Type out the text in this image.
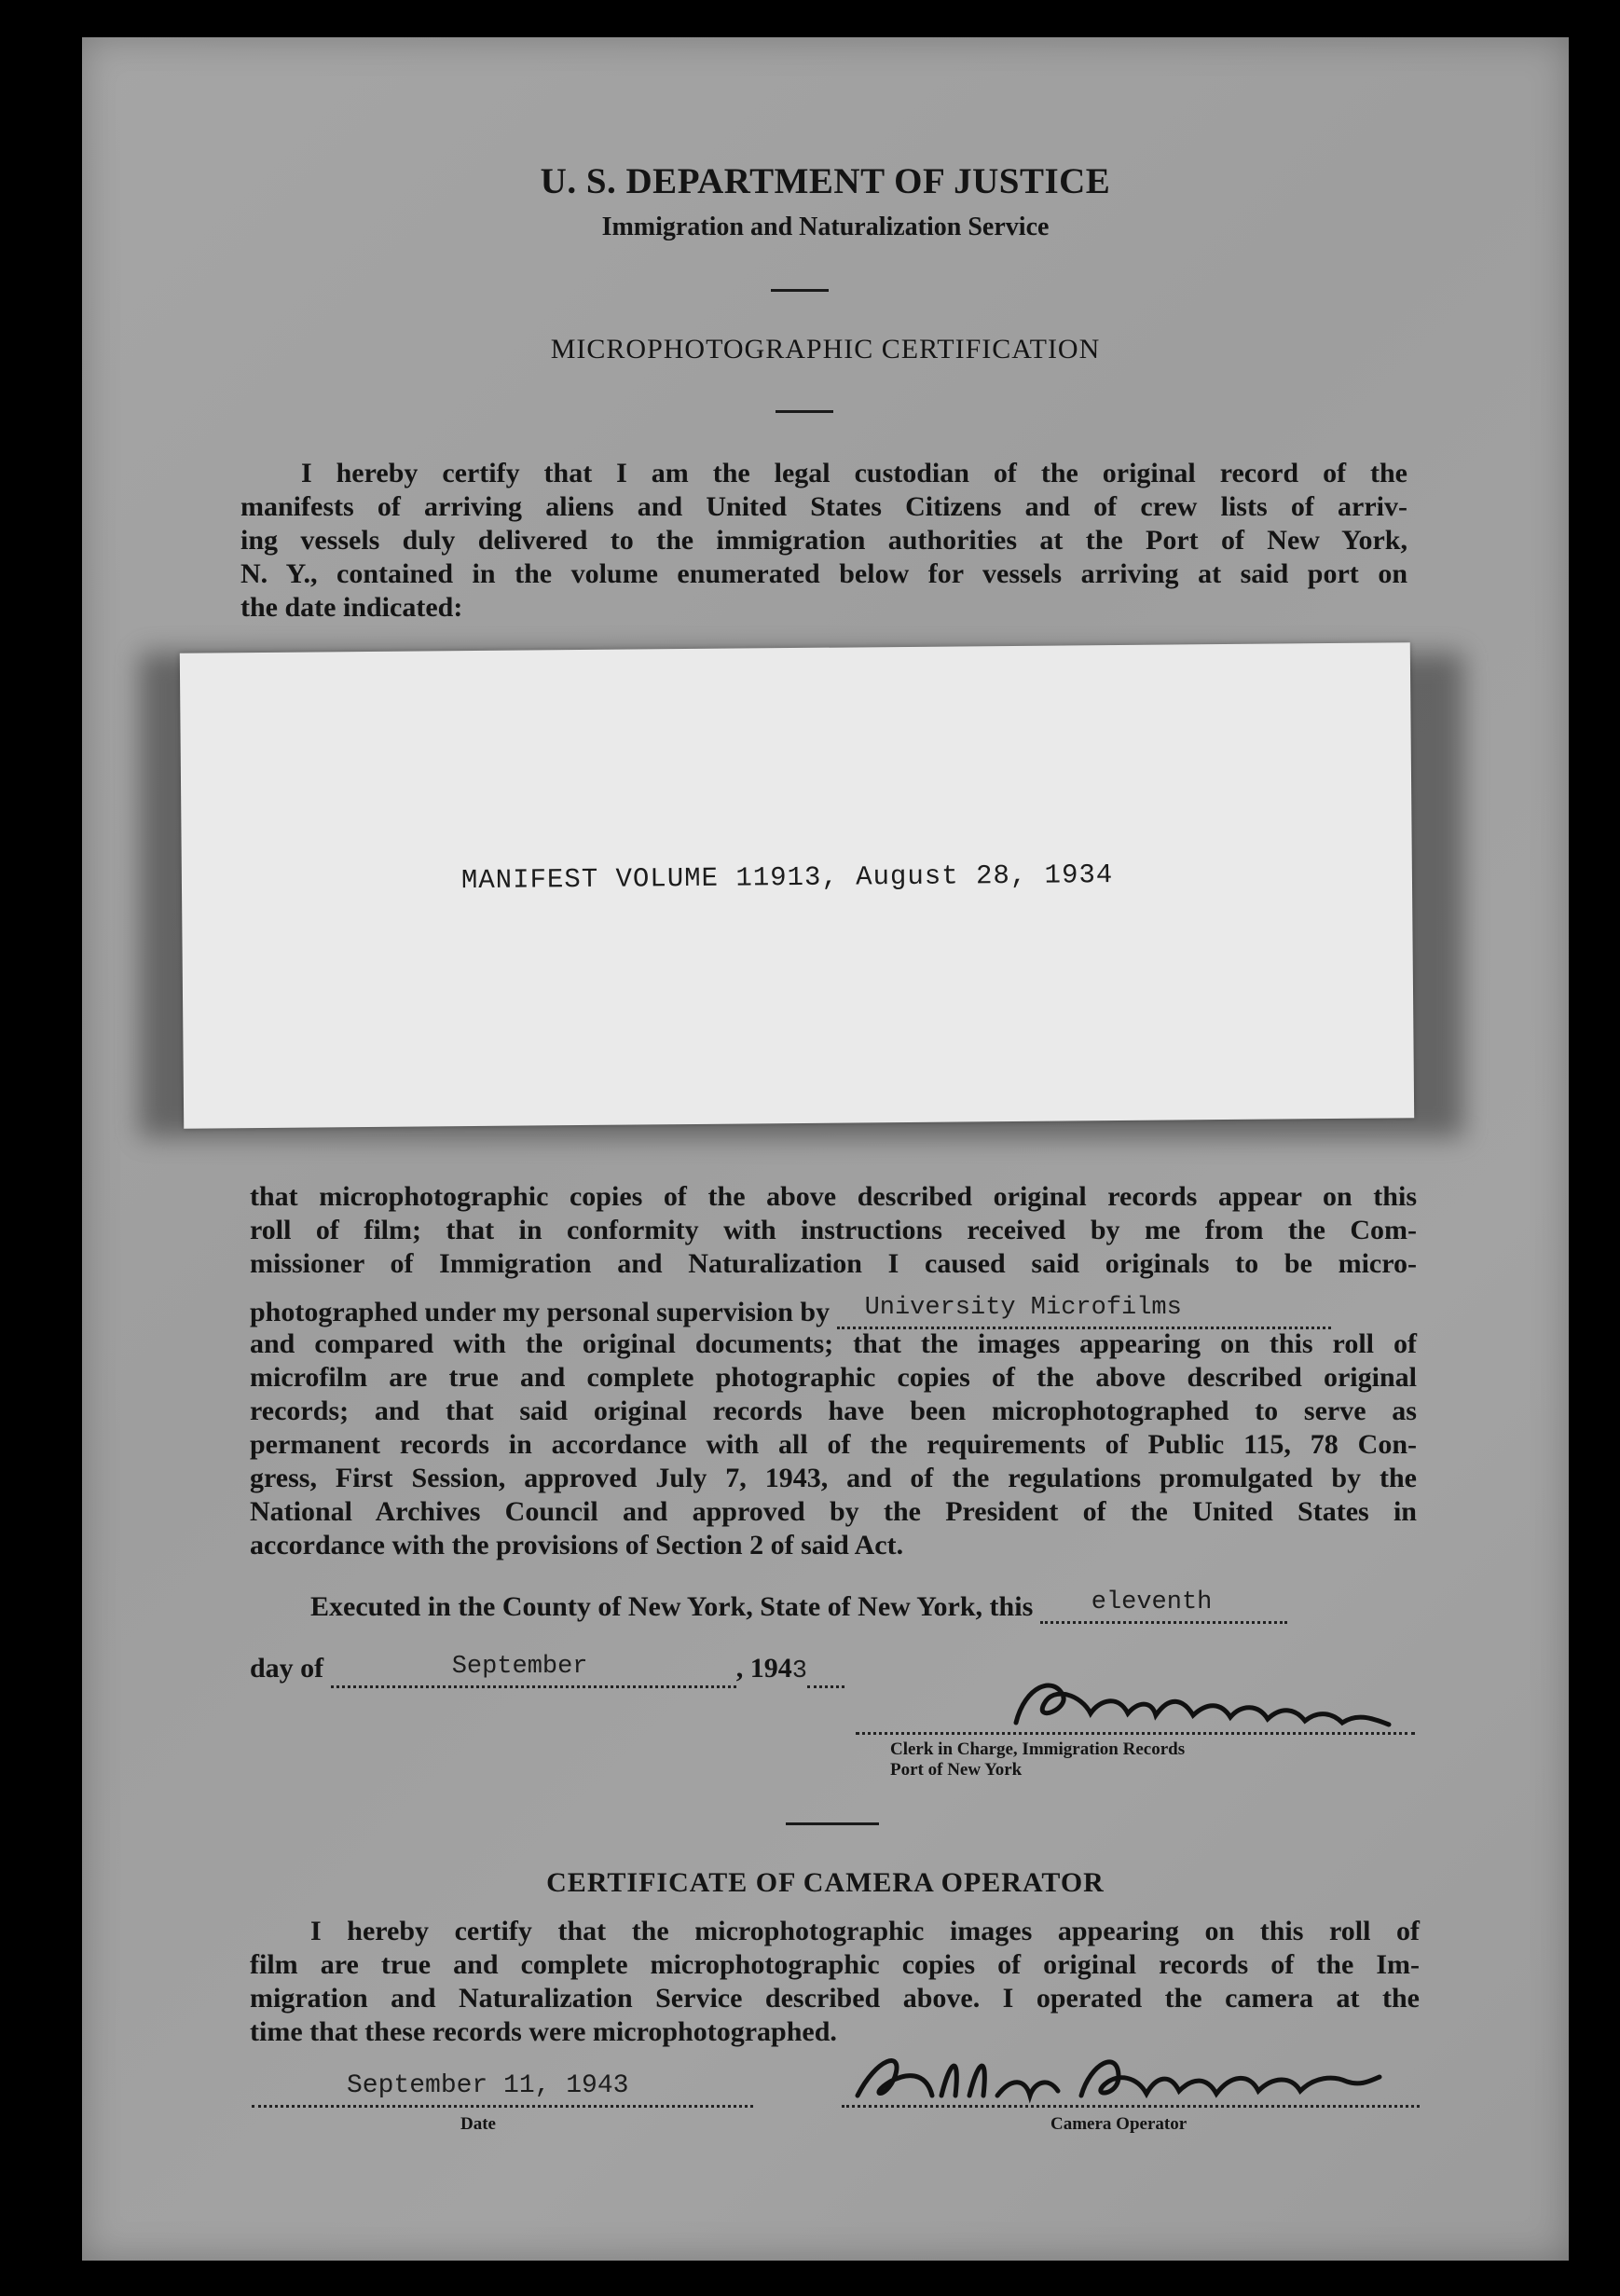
U. S. DEPARTMENT OF JUSTICE
Immigration and Naturalization Service
MICROPHOTOGRAPHIC CERTIFICATION
I hereby certify that I am the legal custodian of the original record of the
manifests of arriving aliens and United States Citizens and of crew lists of arriv-
ing vessels duly delivered to the immigration authorities at the Port of New York,
N. Y., contained in the volume enumerated below for vessels arriving at said port on
the date indicated:
MANIFEST VOLUME 11913, August 28, 1934
that microphotographic copies of the above described original records appear on this
roll of film; that in conformity with instructions received by me from the Com-
missioner of Immigration and Naturalization I caused said originals to be micro-
photographed under my personal supervision by University Microfilms
and compared with the original documents; that the images appearing on this roll of
microfilm are true and complete photographic copies of the above described original
records; and that said original records have been microphotographed to serve as
permanent records in accordance with all of the requirements of Public 115, 78 Con-
gress, First Session, approved July 7, 1943, and of the regulations promulgated by the
National Archives Council and approved by the President of the United States in
accordance with the provisions of Section 2 of said Act.
Executed in the County of New York, State of New York, this eleventh
day of	September	, 1943
Clerk in Charge, Immigration Records
Port of New York
CERTIFICATE OF CAMERA OPERATOR
I hereby certify that the microphotographic images appearing on this roll of
film are true and complete microphotographic copies of original records of the Im-
migration and Naturalization Service described above. I operated the camera at the
time that these records were microphotographed.
September 11, 1943
Date	Camera Operator
